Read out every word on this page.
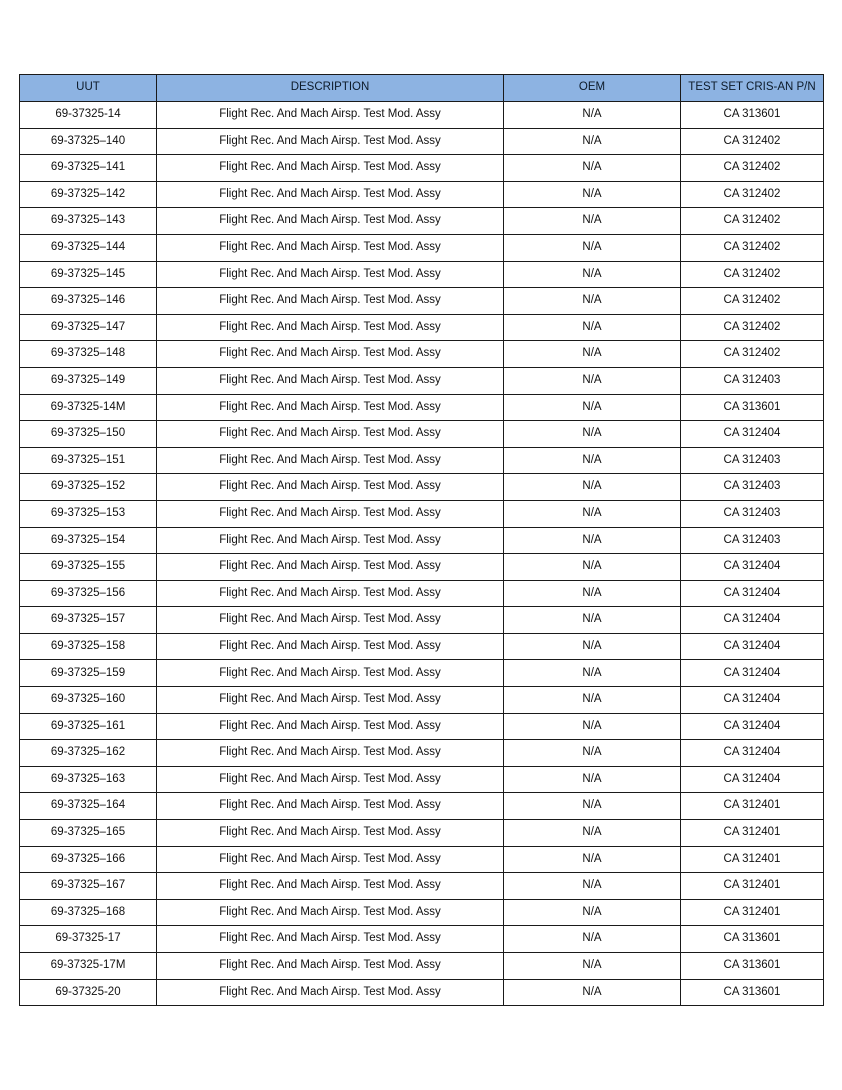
UUT	DESCRIPTION	OEM	TEST SET CRIS-AN P/N
69-37325-14	Flight Rec. And Mach Airsp. Test Mod. Assy	N/A	CA 313601
69-37325–140	Flight Rec. And Mach Airsp. Test Mod. Assy	N/A	CA 312402
69-37325–141	Flight Rec. And Mach Airsp. Test Mod. Assy	N/A	CA 312402
69-37325–142	Flight Rec. And Mach Airsp. Test Mod. Assy	N/A	CA 312402
69-37325–143	Flight Rec. And Mach Airsp. Test Mod. Assy	N/A	CA 312402
69-37325–144	Flight Rec. And Mach Airsp. Test Mod. Assy	N/A	CA 312402
69-37325–145	Flight Rec. And Mach Airsp. Test Mod. Assy	N/A	CA 312402
69-37325–146	Flight Rec. And Mach Airsp. Test Mod. Assy	N/A	CA 312402
69-37325–147	Flight Rec. And Mach Airsp. Test Mod. Assy	N/A	CA 312402
69-37325–148	Flight Rec. And Mach Airsp. Test Mod. Assy	N/A	CA 312402
69-37325–149	Flight Rec. And Mach Airsp. Test Mod. Assy	N/A	CA 312403
69-37325-14M	Flight Rec. And Mach Airsp. Test Mod. Assy	N/A	CA 313601
69-37325–150	Flight Rec. And Mach Airsp. Test Mod. Assy	N/A	CA 312404
69-37325–151	Flight Rec. And Mach Airsp. Test Mod. Assy	N/A	CA 312403
69-37325–152	Flight Rec. And Mach Airsp. Test Mod. Assy	N/A	CA 312403
69-37325–153	Flight Rec. And Mach Airsp. Test Mod. Assy	N/A	CA 312403
69-37325–154	Flight Rec. And Mach Airsp. Test Mod. Assy	N/A	CA 312403
69-37325–155	Flight Rec. And Mach Airsp. Test Mod. Assy	N/A	CA 312404
69-37325–156	Flight Rec. And Mach Airsp. Test Mod. Assy	N/A	CA 312404
69-37325–157	Flight Rec. And Mach Airsp. Test Mod. Assy	N/A	CA 312404
69-37325–158	Flight Rec. And Mach Airsp. Test Mod. Assy	N/A	CA 312404
69-37325–159	Flight Rec. And Mach Airsp. Test Mod. Assy	N/A	CA 312404
69-37325–160	Flight Rec. And Mach Airsp. Test Mod. Assy	N/A	CA 312404
69-37325–161	Flight Rec. And Mach Airsp. Test Mod. Assy	N/A	CA 312404
69-37325–162	Flight Rec. And Mach Airsp. Test Mod. Assy	N/A	CA 312404
69-37325–163	Flight Rec. And Mach Airsp. Test Mod. Assy	N/A	CA 312404
69-37325–164	Flight Rec. And Mach Airsp. Test Mod. Assy	N/A	CA 312401
69-37325–165	Flight Rec. And Mach Airsp. Test Mod. Assy	N/A	CA 312401
69-37325–166	Flight Rec. And Mach Airsp. Test Mod. Assy	N/A	CA 312401
69-37325–167	Flight Rec. And Mach Airsp. Test Mod. Assy	N/A	CA 312401
69-37325–168	Flight Rec. And Mach Airsp. Test Mod. Assy	N/A	CA 312401
69-37325-17	Flight Rec. And Mach Airsp. Test Mod. Assy	N/A	CA 313601
69-37325-17M	Flight Rec. And Mach Airsp. Test Mod. Assy	N/A	CA 313601
69-37325-20	Flight Rec. And Mach Airsp. Test Mod. Assy	N/A	CA 313601
